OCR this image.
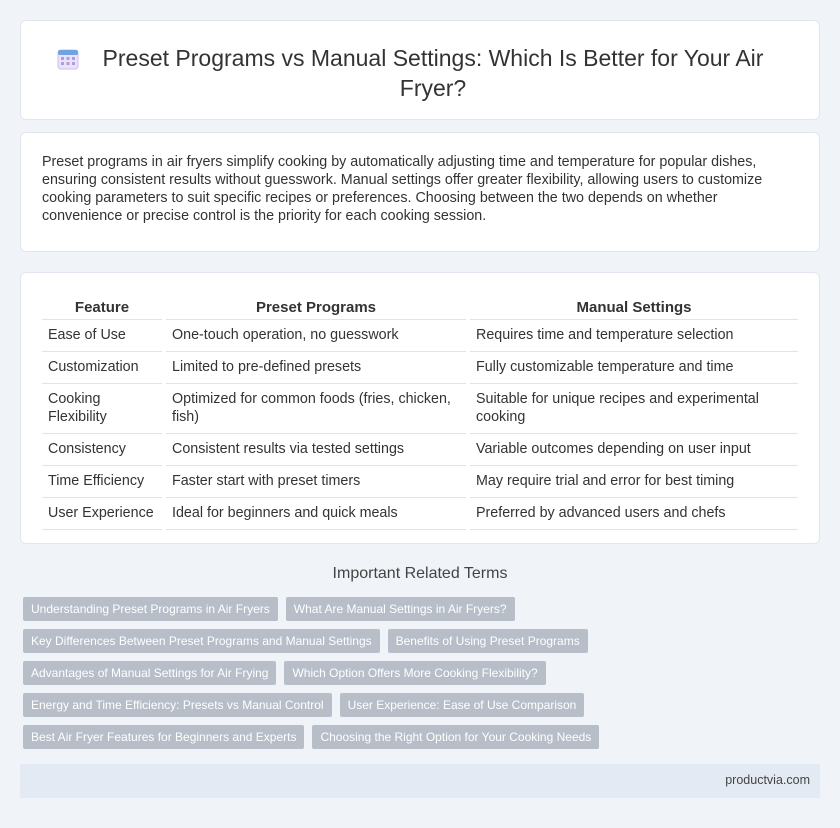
Preset Programs vs Manual Settings: Which Is Better for Your Air Fryer?

Preset programs in air fryers simplify cooking by automatically adjusting time and temperature for popular dishes, ensuring consistent results without guesswork. Manual settings offer greater flexibility, allowing users to customize cooking parameters to suit specific recipes or preferences. Choosing between the two depends on whether convenience or precise control is the priority for each cooking session.

Feature	Preset Programs	Manual Settings
Ease of Use	One-touch operation, no guesswork	Requires time and temperature selection
Customization	Limited to pre-defined presets	Fully customizable temperature and time
Cooking Flexibility	Optimized for common foods (fries, chicken, fish)	Suitable for unique recipes and experimental cooking
Consistency	Consistent results via tested settings	Variable outcomes depending on user input
Time Efficiency	Faster start with preset timers	May require trial and error for best timing
User Experience	Ideal for beginners and quick meals	Preferred by advanced users and chefs
Important Related Terms
Understanding Preset Programs in Air Fryers	What Are Manual Settings in Air Fryers?
Key Differences Between Preset Programs and Manual Settings	Benefits of Using Preset Programs
Advantages of Manual Settings for Air Frying	Which Option Offers More Cooking Flexibility?
Energy and Time Efficiency: Presets vs Manual Control	User Experience: Ease of Use Comparison
Best Air Fryer Features for Beginners and Experts	Choosing the Right Option for Your Cooking Needs
productvia.com
